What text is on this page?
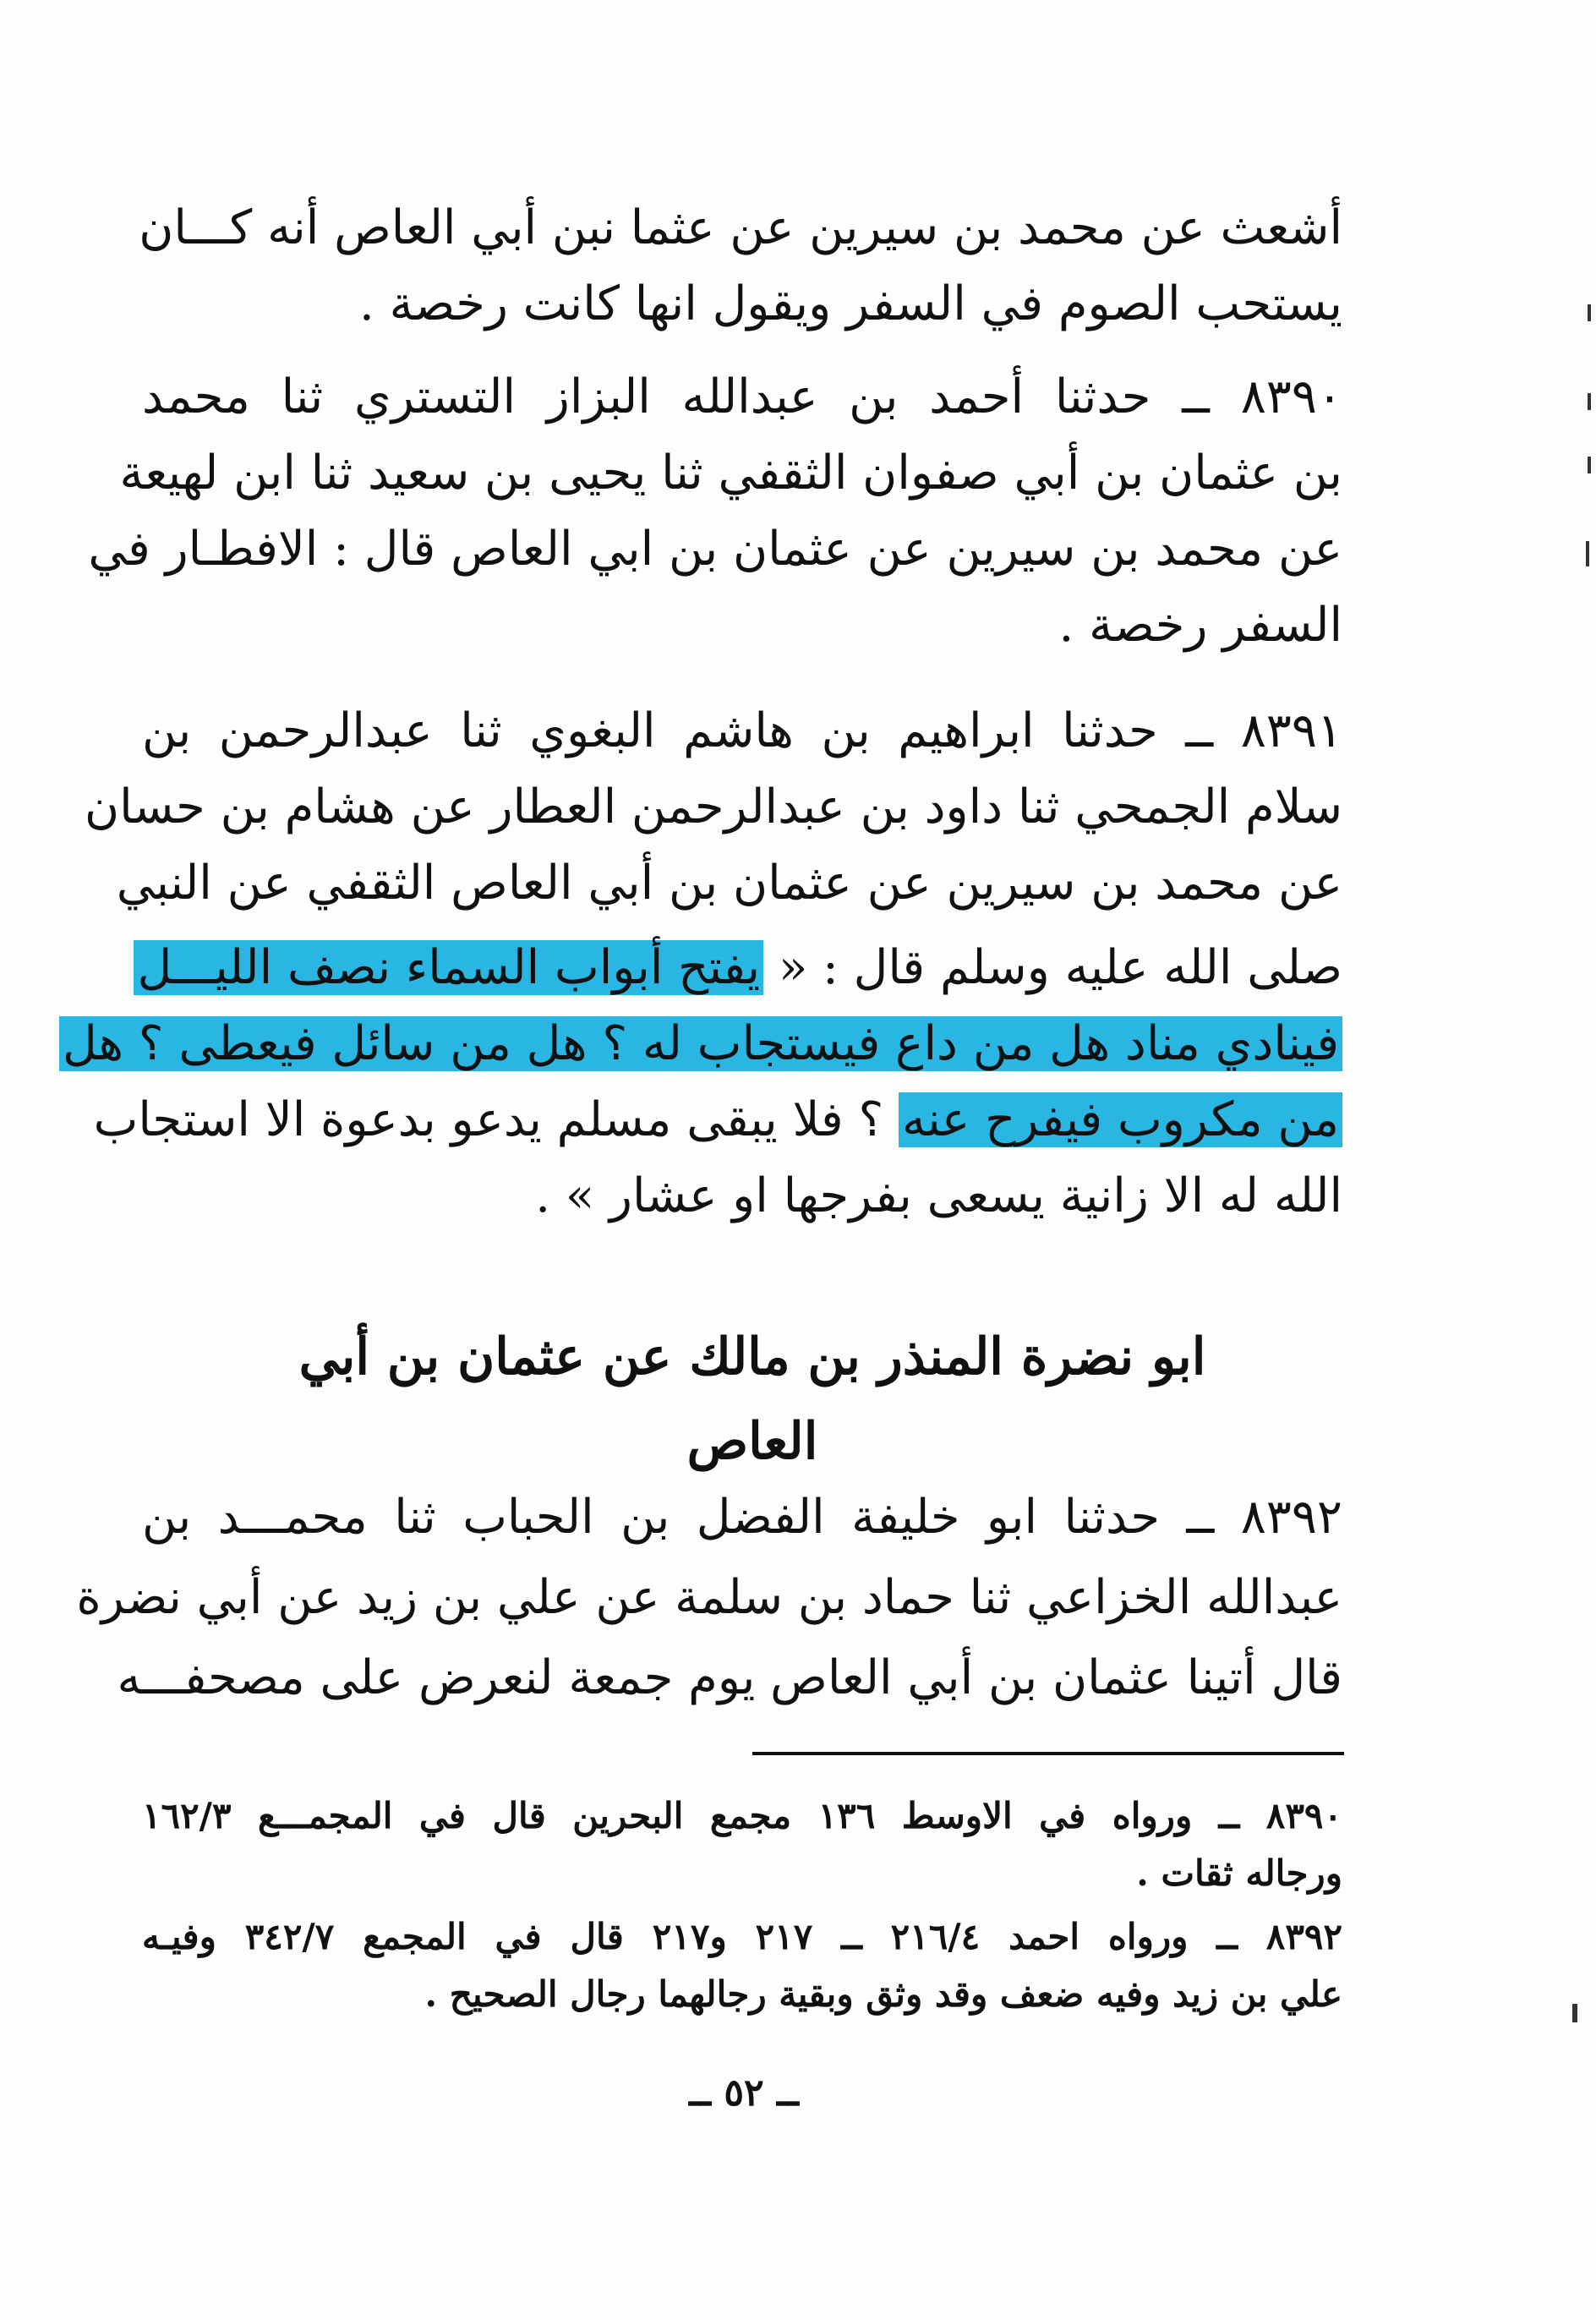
أشعث عن محمد بن سيرين عن عثما نبن أبي العاص أنه كـــان
يستحب الصوم في السفر ويقول انها كانت رخصة .
٨٣٩٠ ــ حدثنا أحمد بن عبدالله البزاز التستري ثنا محمد
بن عثمان بن أبي صفوان الثقفي ثنا يحيى بن سعيد ثنا ابن لهيعة
عن محمد بن سيرين عن عثمان بن ابي العاص قال : الافطـار في
السفر رخصة .
٨٣٩١ ــ حدثنا ابراهيم بن هاشم البغوي ثنا عبدالرحمن بن
سلام الجمحي ثنا داود بن عبدالرحمن العطار عن هشام بن حسان
عن محمد بن سيرين عن عثمان بن أبي العاص الثقفي عن النبي
صلى الله عليه وسلم قال : « يفتح أبواب السماء نصف الليـــل
فينادي مناد هل من داع فيستجاب له ؟ هل من سائل فيعطى ؟ هل
من مكروب فيفرح عنه ؟ فلا يبقى مسلم يدعو بدعوة الا استجاب
الله له الا زانية يسعى بفرجها او عشار » .
ابو نضرة المنذر بن مالك عن عثمان بن أبي العاص
٨٣٩٢ ــ حدثنا ابو خليفة الفضل بن الحباب ثنا محمـــد بن
عبدالله الخزاعي ثنا حماد بن سلمة عن علي بن زيد عن أبي نضرة
قال أتينا عثمان بن أبي العاص يوم جمعة لنعرض على مصحفـــه
٨٣٩٠ ــ ورواه في الاوسط ١٣٦ مجمع البحرين قال في المجمـــع ١٦٢/٣
ورجاله ثقات .
٨٣٩٢ ــ ورواه احمد ٢١٦/٤ ــ ٢١٧ و٢١٧ قال في المجمع ٣٤٢/٧ وفيـه
علي بن زيد وفيه ضعف وقد وثق وبقية رجالهما رجال الصحيح .
ــ ٥٢ ــ
